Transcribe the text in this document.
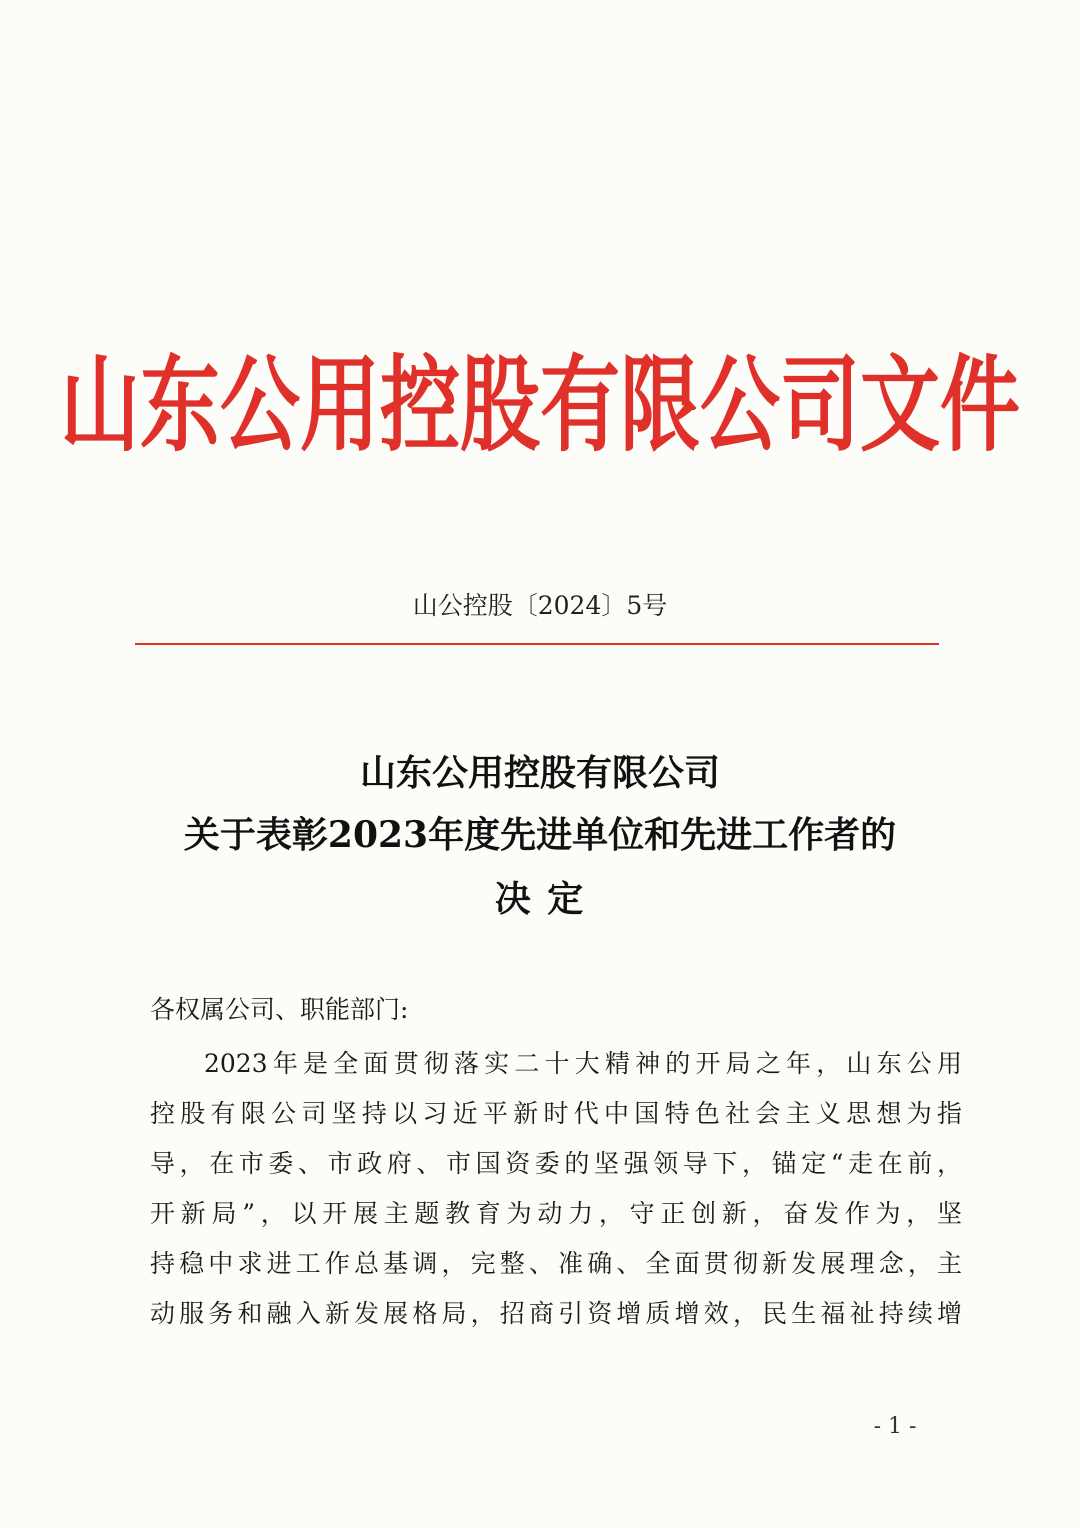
山东公用控股有限公司文件
山公控股〔2024〕5号
山东公用控股有限公司
关于表彰2023年度先进单位和先进工作者的
决 定
各权属公司、职能部门:
2023年是全面贯彻落实二十大精神的开局之年，山东公用
控股有限公司坚持以习近平新时代中国特色社会主义思想为指
导，在市委、市政府、市国资委的坚强领导下，锚定“走在前，
开新局”，以开展主题教育为动力，守正创新，奋发作为，坚
持稳中求进工作总基调，完整、准确、全面贯彻新发展理念，主
动服务和融入新发展格局，招商引资增质增效，民生福祉持续增
- 1 -
